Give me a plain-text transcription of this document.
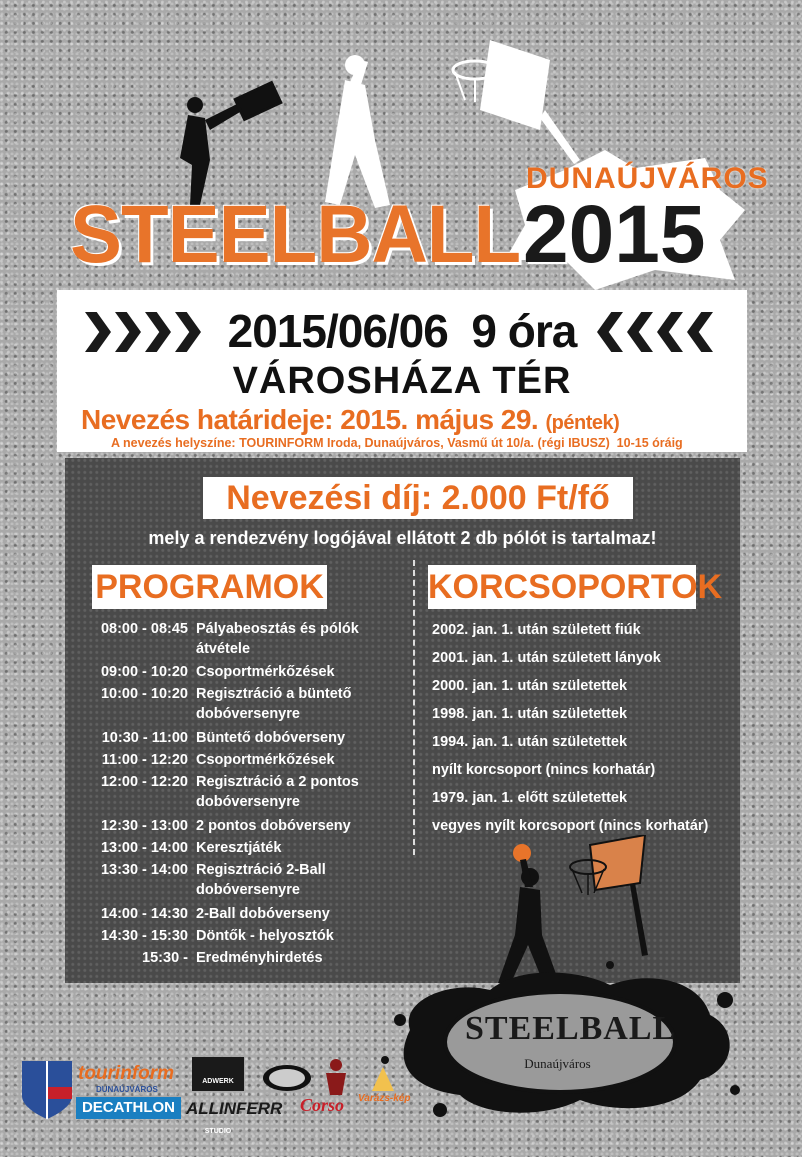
DUNAÚJVÁROS
STEELBALL 2015
2015/06/06  9 óra
VÁROSHÁZA TÉR
Nevezés határideje: 2015. május 29. (péntek)
A nevezés helyszíne: TOURINFORM Iroda, Dunaújváros, Vasmű út 10/a. (régi IBUSZ)  10-15 óráig
Nevezési díj: 2.000 Ft/fő
mely a rendezvény logójával ellátott 2 db pólót is tartalmaz!
PROGRAMOK	KORCSOPORTOK
08:00 - 08:45 Pályabeosztás és pólók átvétele
09:00 - 10:20 Csoportmérkőzések
10:00 - 10:20 Regisztráció a büntető dobóversenyre
10:30 - 11:00 Büntető dobóverseny
11:00 - 12:20 Csoportmérkőzések
12:00 - 12:20 Regisztráció a 2 pontos dobóversenyre
12:30 - 13:00 2 pontos dobóverseny
13:00 - 14:00 Keresztjáték
13:30 - 14:00 Regisztráció 2-Ball dobóversenyre
14:00 - 14:30 2-Ball dobóverseny
14:30 - 15:30 Döntők - helyosztók
15:30 - Eredményhirdetés
2002. jan. 1. után született fiúk
2001. jan. 1. után született lányok
2000. jan. 1. után születettek
1998. jan. 1. után születettek
1994. jan. 1. után születettek
nyílt korcsoport (nincs korhatár)
1979. jan. 1. előtt születettek
vegyes nyílt korcsoport (nincs korhatár)
STEELBALL
Dunaújváros
tourinform
DUNAÚJVÁROS
DECATHLON
ADWERK STUDIO
ALLINFERR Corso Varázs-kép
